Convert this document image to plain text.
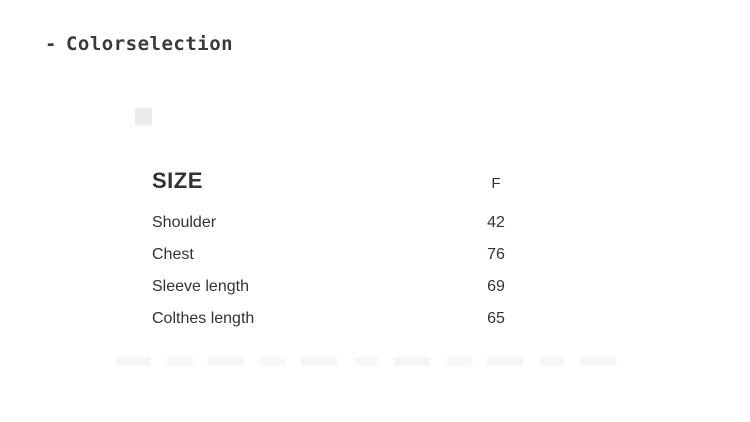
- Colorselection
SIZE	F
Shoulder	42
Chest	76
Sleeve length	69
Colthes length	65
